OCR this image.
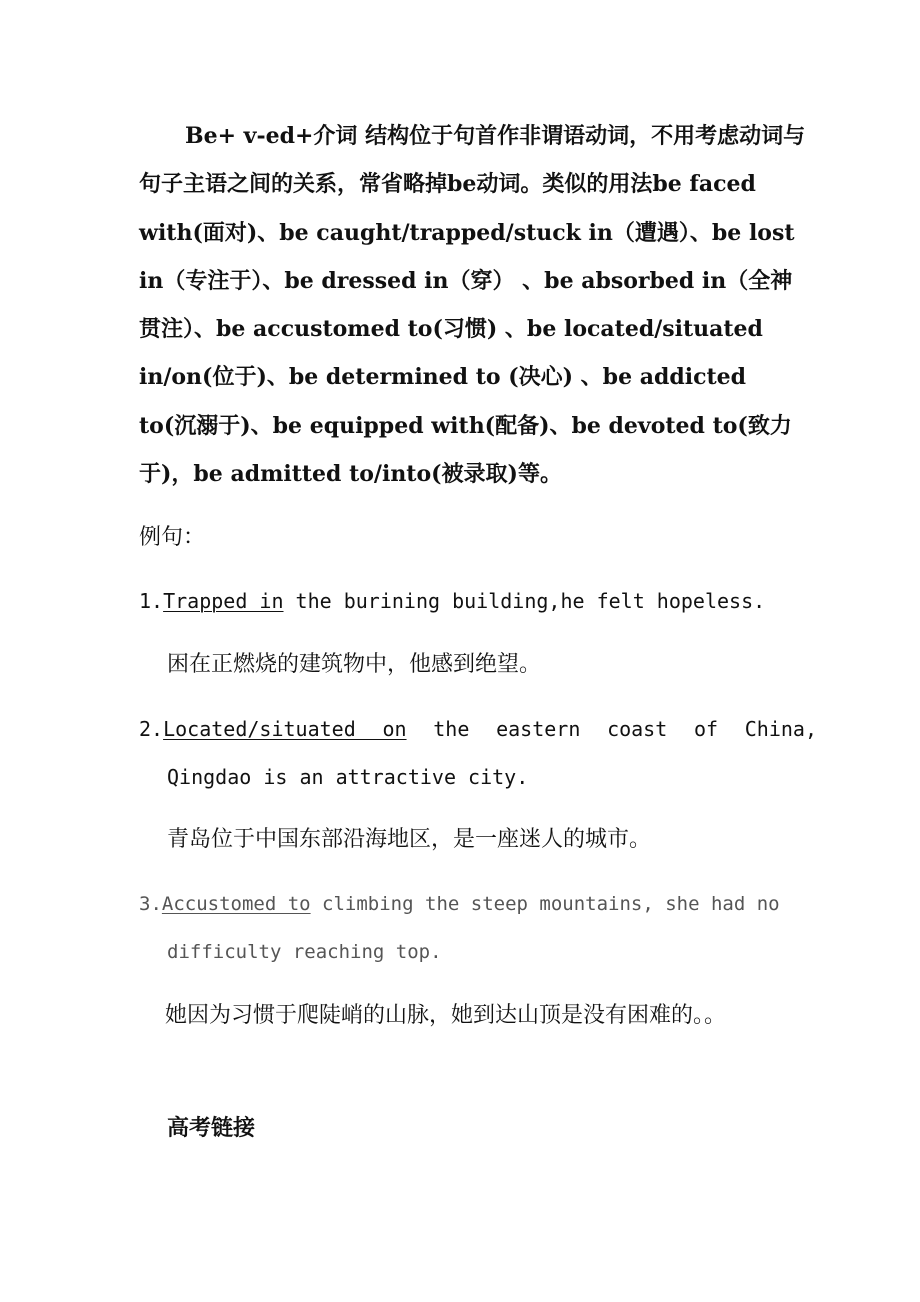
Be+ v-ed+介词 结构位于句首作非谓语动词，不用考虑动词与句子主语之间的关系，常省略掉be动词。类似的用法be faced with(面对)、be caught/trapped/stuck in（遭遇）、be lost in（专注于）、be dressed in（穿） 、be absorbed in（全神贯注）、be accustomed to(习惯) 、be located/situated in/on(位于)、be determined to (决心) 、be addicted to(沉溺于)、be equipped with(配备)、be devoted to(致力于)，be admitted to/into(被录取)等。

例句：

1.Trapped in the burining building,he felt hopeless.

困在正燃烧的建筑物中，他感到绝望。

2.Located/situated on the eastern coast of China, Qingdao is an attractive city.

青岛位于中国东部沿海地区，是一座迷人的城市。

3.Accustomed to climbing the steep mountains, she had no difficulty reaching top.

她因为习惯于爬陡峭的山脉，她到达山顶是没有困难的。。

高考链接
